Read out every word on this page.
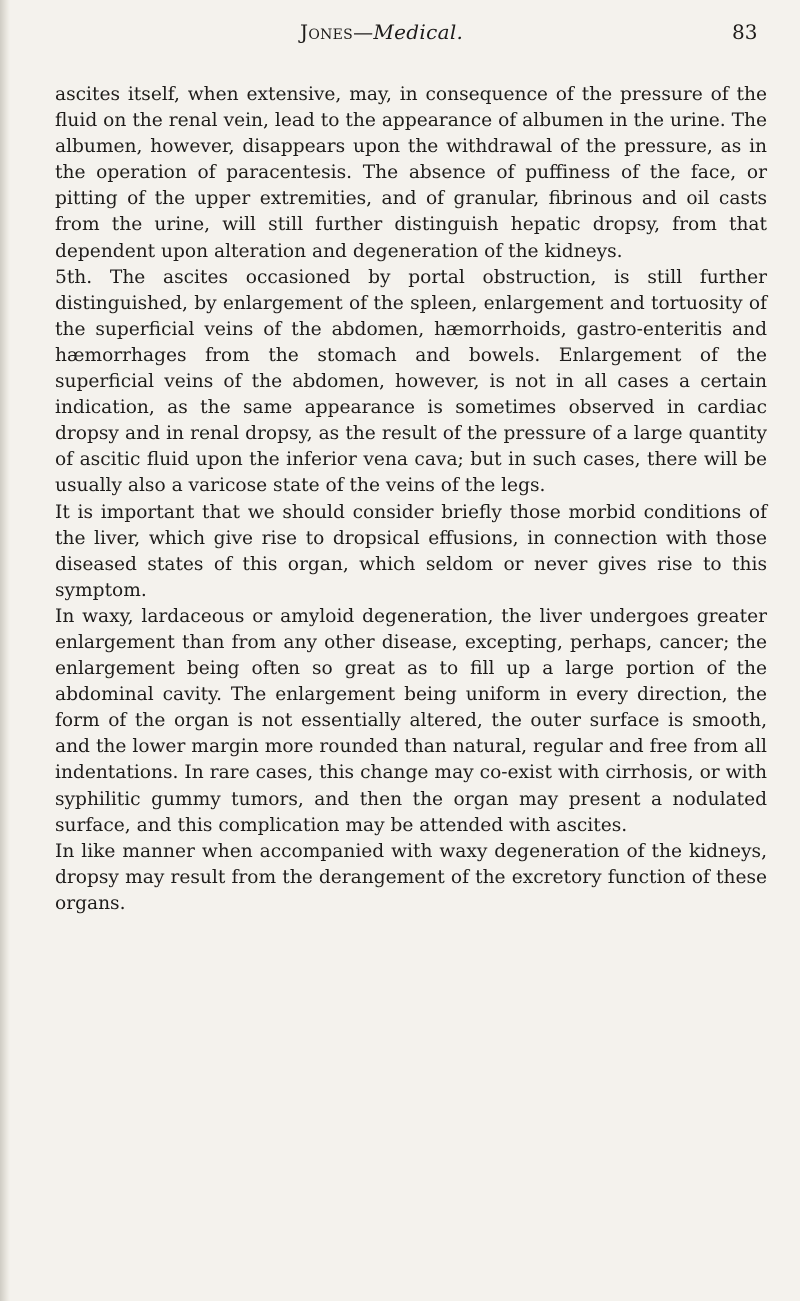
Jones—Medical.	83

ascites itself, when extensive, may, in consequence of the pressure of the fluid on the renal vein, lead to the appearance of albumen in the urine. The albumen, however, disappears upon the withdrawal of the pressure, as in the operation of paracentesis. The absence of puffiness of the face, or pitting of the upper extremities, and of granular, fibrinous and oil casts from the urine, will still further distinguish hepatic dropsy, from that dependent upon alteration and degeneration of the kidneys.

5th. The ascites occasioned by portal obstruction, is still further distinguished, by enlargement of the spleen, enlargement and tortuosity of the superficial veins of the abdomen, hæmorrhoids, gastro-enteritis and hæmorrhages from the stomach and bowels. Enlargement of the superficial veins of the abdomen, however, is not in all cases a certain indication, as the same appearance is sometimes observed in cardiac dropsy and in renal dropsy, as the result of the pressure of a large quantity of ascitic fluid upon the inferior vena cava; but in such cases, there will be usually also a varicose state of the veins of the legs.

It is important that we should consider briefly those morbid conditions of the liver, which give rise to dropsical effusions, in connection with those diseased states of this organ, which seldom or never gives rise to this symptom.

In waxy, lardaceous or amyloid degeneration, the liver undergoes greater enlargement than from any other disease, excepting, perhaps, cancer; the enlargement being often so great as to fill up a large portion of the abdominal cavity. The enlargement being uniform in every direction, the form of the organ is not essentially altered, the outer surface is smooth, and the lower margin more rounded than natural, regular and free from all indentations. In rare cases, this change may co-exist with cirrhosis, or with syphilitic gummy tumors, and then the organ may present a nodulated surface, and this complication may be attended with ascites.

In like manner when accompanied with waxy degeneration of the kidneys, dropsy may result from the derangement of the excretory function of these organs.
